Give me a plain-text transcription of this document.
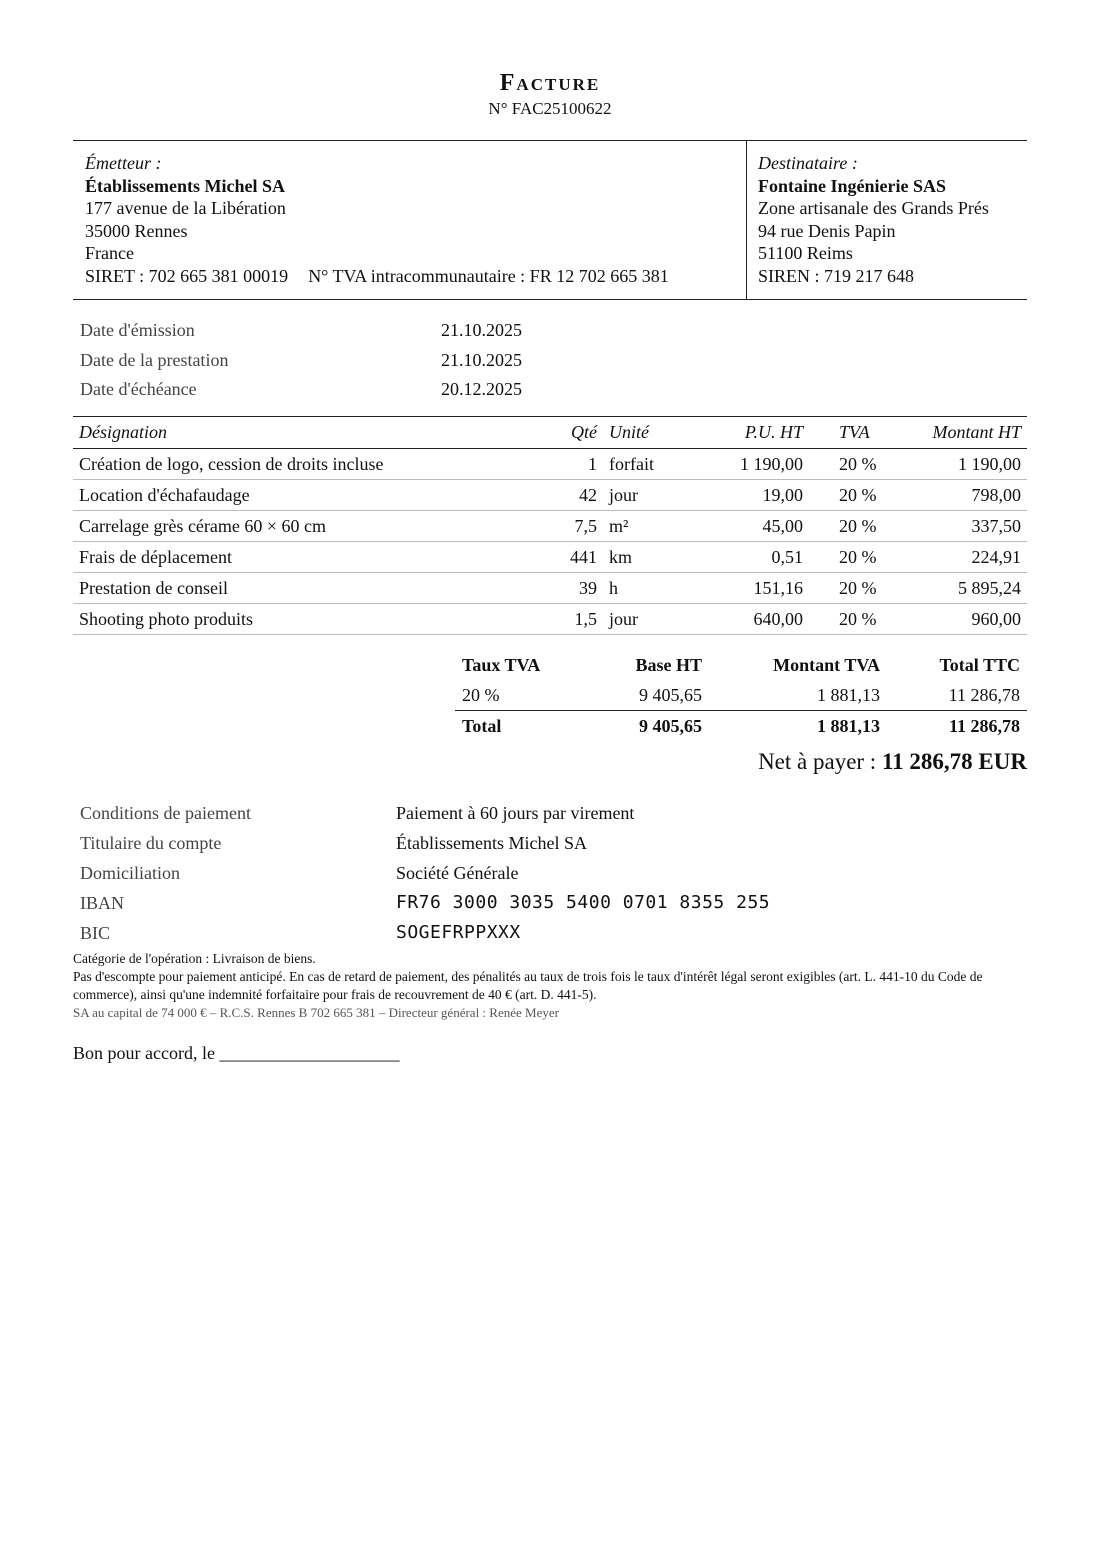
Facture
N° FAC25100622
Émetteur :
Établissements Michel SA
177 avenue de la Libération
35000 Rennes
France
SIRET : 702 665 381 00019 N° TVA intracommunautaire : FR 12 702 665 381
Destinataire :
Fontaine Ingénierie SAS
Zone artisanale des Grands Prés
94 rue Denis Papin
51100 Reims
SIREN : 719 217 648
Date d'émission	21.10.2025
Date de la prestation	21.10.2025
Date d'échéance	20.12.2025
Désignation	Qté	Unité	P.U. HT	TVA	Montant HT
Création de logo, cession de droits incluse	1	forfait	1 190,00	20 %	1 190,00
Location d'échafaudage	42	jour	19,00	20 %	798,00
Carrelage grès cérame 60 × 60 cm	7,5	m²	45,00	20 %	337,50
Frais de déplacement	441	km	0,51	20 %	224,91
Prestation de conseil	39	h	151,16	20 %	5 895,24
Shooting photo produits	1,5	jour	640,00	20 %	960,00
Taux TVA	Base HT	Montant TVA	Total TTC
20 %	9 405,65	1 881,13	11 286,78
Total	9 405,65	1 881,13	11 286,78
Net à payer : 11 286,78 EUR
Conditions de paiement	Paiement à 60 jours par virement
Titulaire du compte	Établissements Michel SA
Domiciliation	Société Générale
IBAN	FR76 3000 3035 5400 0701 8355 255
BIC	SOGEFRPPXXX

Catégorie de l'opération : Livraison de biens.

Pas d'escompte pour paiement anticipé. En cas de retard de paiement, des pénalités au taux de trois fois le taux d'intérêt légal seront exigibles (art. L. 441-10 du Code de commerce), ainsi qu'une indemnité forfaitaire pour frais de recouvrement de 40 € (art. D. 441-5).

SA au capital de 74 000 € – R.C.S. Rennes B 702 665 381 – Directeur général : Renée Meyer

Bon pour accord, le ____________________
